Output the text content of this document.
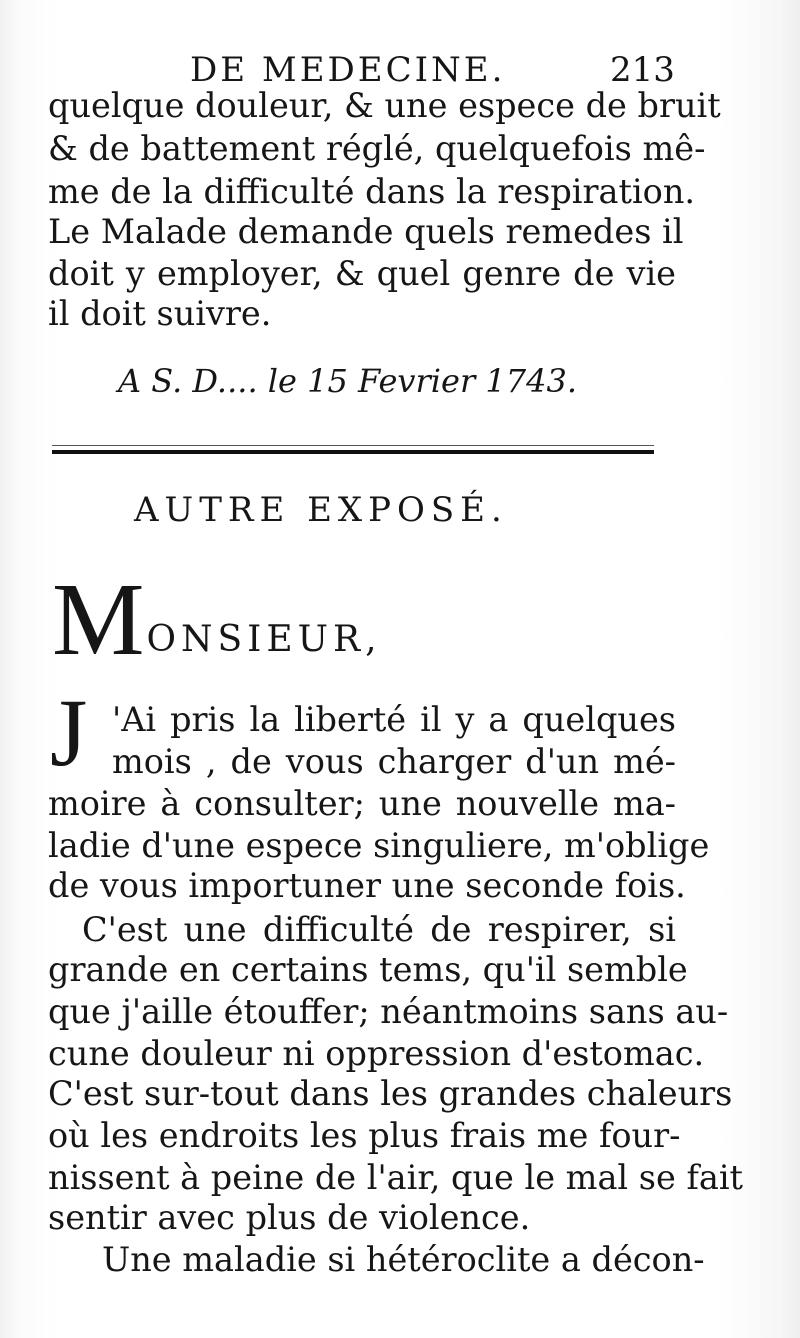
DE MEDECINE.	213
quelque douleur, & une espece de bruit
& de battement réglé, quelquefois mê-
me de la difficulté dans la respiration.
Le Malade demande quels remedes il
doit y employer, & quel genre de vie
il doit suivre.
A S. D.... le 15 Fevrier 1743.
AUTRE EXPOSÉ.
MONSIEUR,
J 'Ai pris la liberté il y a quelques
mois , de vous charger d'un mé-
moire à consulter; une nouvelle ma-
ladie d'une espece singuliere, m'oblige
de vous importuner une seconde fois.
C'est une difficulté de respirer, si
grande en certains tems, qu'il semble
que j'aille étouffer; néantmoins sans au-
cune douleur ni oppression d'estomac.
C'est sur-tout dans les grandes chaleurs
où les endroits les plus frais me four-
nissent à peine de l'air, que le mal se fait
sentir avec plus de violence.
Une maladie si hétéroclite a décon-
